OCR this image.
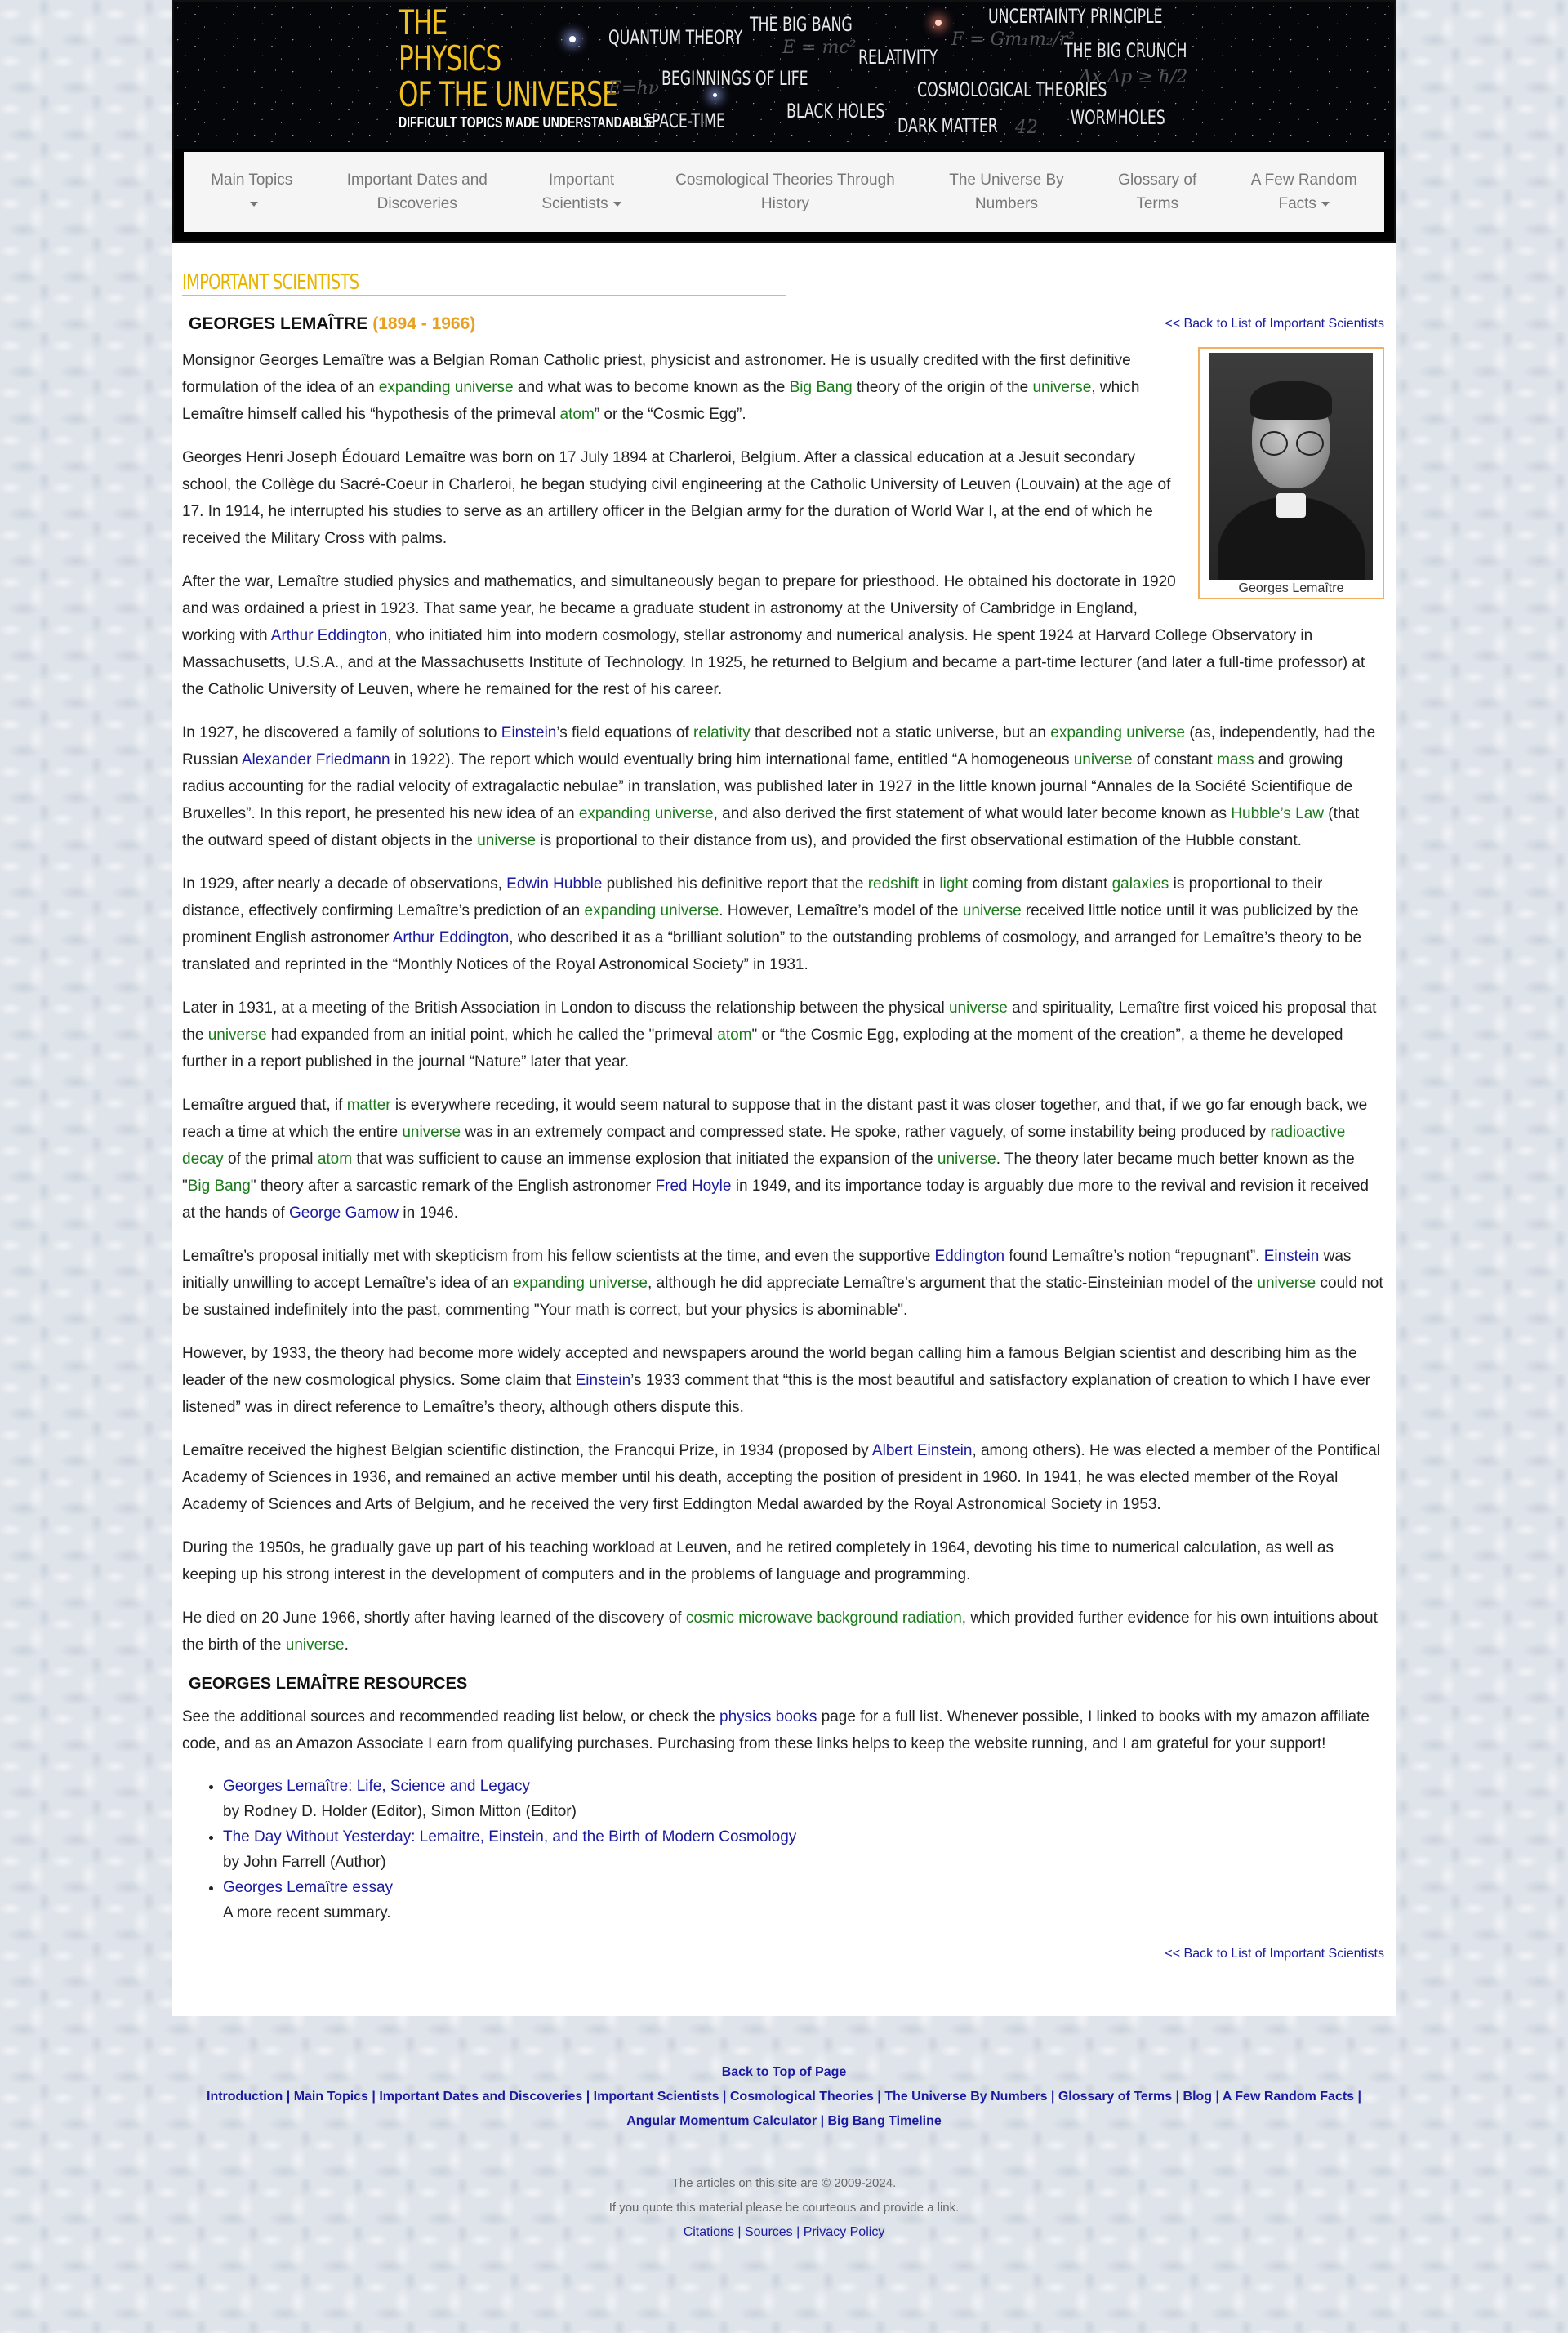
THE
PHYSICS
OF THE UNIVERSE
DIFFICULT TOPICS MADE UNDERSTANDABLE
QUANTUM THEORY
THE BIG BANG	UNCERTAINTY PRINCIPLE
RELATIVITY	THE BIG CRUNCH
BEGINNINGS OF LIFE	COSMOLOGICAL THEORIES
SPACE-TIME	BLACK HOLES
DARK MATTER	WORMHOLES
E = mc²
E=hν
F = Gm₁m₂/r²
Δx Δp ≥ ℏ/2
42
Main Topics	Important Dates and
Discoveries
Important
Scientists
Cosmological Theories Through
History
The Universe By
Numbers
Glossary of
Terms
A Few Random
Facts
IMPORTANT SCIENTISTS
GEORGES LEMAÎTRE (1894 - 1966)	<< Back to List of Important Scientists
Georges Lemaître

Monsignor Georges Lemaître was a Belgian Roman Catholic priest, physicist and astronomer. He is usually credited with the first definitive formulation of the idea of an expanding universe and what was to become known as the Big Bang theory of the origin of the universe, which Lemaître himself called his “hypothesis of the primeval atom” or the “Cosmic Egg”.

Georges Henri Joseph Édouard Lemaître was born on 17 July 1894 at Charleroi, Belgium. After a classical education at a Jesuit secondary school, the Collège du Sacré-Coeur in Charleroi, he began studying civil engineering at the Catholic University of Leuven (Louvain) at the age of 17. In 1914, he interrupted his studies to serve as an artillery officer in the Belgian army for the duration of World War I, at the end of which he received the Military Cross with palms.

After the war, Lemaître studied physics and mathematics, and simultaneously began to prepare for priesthood. He obtained his doctorate in 1920 and was ordained a priest in 1923. That same year, he became a graduate student in astronomy at the University of Cambridge in England, working with Arthur Eddington, who initiated him into modern cosmology, stellar astronomy and numerical analysis. He spent 1924 at Harvard College Observatory in Massachusetts, U.S.A., and at the Massachusetts Institute of Technology. In 1925, he returned to Belgium and became a part-time lecturer (and later a full-time professor) at the Catholic University of Leuven, where he remained for the rest of his career.

In 1927, he discovered a family of solutions to Einstein’s field equations of relativity that described not a static universe, but an expanding universe (as, independently, had the Russian Alexander Friedmann in 1922). The report which would eventually bring him international fame, entitled “A homogeneous universe of constant mass and growing radius accounting for the radial velocity of extragalactic nebulae” in translation, was published later in 1927 in the little known journal “Annales de la Société Scientifique de Bruxelles”. In this report, he presented his new idea of an expanding universe, and also derived the first statement of what would later become known as Hubble’s Law (that the outward speed of distant objects in the universe is proportional to their distance from us), and provided the first observational estimation of the Hubble constant.

In 1929, after nearly a decade of observations, Edwin Hubble published his definitive report that the redshift in light coming from distant galaxies is proportional to their distance, effectively confirming Lemaître’s prediction of an expanding universe. However, Lemaître’s model of the universe received little notice until it was publicized by the prominent English astronomer Arthur Eddington, who described it as a “brilliant solution” to the outstanding problems of cosmology, and arranged for Lemaître’s theory to be translated and reprinted in the “Monthly Notices of the Royal Astronomical Society” in 1931.

Later in 1931, at a meeting of the British Association in London to discuss the relationship between the physical universe and spirituality, Lemaître first voiced his proposal that the universe had expanded from an initial point, which he called the "primeval atom" or “the Cosmic Egg, exploding at the moment of the creation”, a theme he developed further in a report published in the journal “Nature” later that year.

Lemaître argued that, if matter is everywhere receding, it would seem natural to suppose that in the distant past it was closer together, and that, if we go far enough back, we reach a time at which the entire universe was in an extremely compact and compressed state. He spoke, rather vaguely, of some instability being produced by radioactive decay of the primal atom that was sufficient to cause an immense explosion that initiated the expansion of the universe. The theory later became much better known as the "Big Bang" theory after a sarcastic remark of the English astronomer Fred Hoyle in 1949, and its importance today is arguably due more to the revival and revision it received at the hands of George Gamow in 1946.

Lemaître’s proposal initially met with skepticism from his fellow scientists at the time, and even the supportive Eddington found Lemaître’s notion “repugnant”. Einstein was initially unwilling to accept Lemaître’s idea of an expanding universe, although he did appreciate Lemaître’s argument that the static-Einsteinian model of the universe could not be sustained indefinitely into the past, commenting "Your math is correct, but your physics is abominable".

However, by 1933, the theory had become more widely accepted and newspapers around the world began calling him a famous Belgian scientist and describing him as the leader of the new cosmological physics. Some claim that Einstein’s 1933 comment that “this is the most beautiful and satisfactory explanation of creation to which I have ever listened” was in direct reference to Lemaître’s theory, although others dispute this.

Lemaître received the highest Belgian scientific distinction, the Francqui Prize, in 1934 (proposed by Albert Einstein, among others). He was elected a member of the Pontifical Academy of Sciences in 1936, and remained an active member until his death, accepting the position of president in 1960. In 1941, he was elected member of the Royal Academy of Sciences and Arts of Belgium, and he received the very first Eddington Medal awarded by the Royal Astronomical Society in 1953.

During the 1950s, he gradually gave up part of his teaching workload at Leuven, and he retired completely in 1964, devoting his time to numerical calculation, as well as keeping up his strong interest in the development of computers and in the problems of language and programming.

He died on 20 June 1966, shortly after having learned of the discovery of cosmic microwave background radiation, which provided further evidence for his own intuitions about the birth of the universe.

GEORGES LEMAÎTRE RESOURCES

See the additional sources and recommended reading list below, or check the physics books page for a full list. Whenever possible, I linked to books with my amazon affiliate code, and as an Amazon Associate I earn from qualifying purchases. Purchasing from these links helps to keep the website running, and I am grateful for your support!

• Georges Lemaître: Life, Science and Legacy
by Rodney D. Holder (Editor), Simon Mitton (Editor)
• The Day Without Yesterday: Lemaitre, Einstein, and the Birth of Modern Cosmology
by John Farrell (Author)
• Georges Lemaître essay
A more recent summary.
<< Back to List of Important Scientists
Back to Top of Page
Introduction | Main Topics | Important Dates and Discoveries | Important Scientists | Cosmological Theories | The Universe By Numbers | Glossary of Terms | Blog | A Few Random Facts |
Angular Momentum Calculator | Big Bang Timeline
The articles on this site are © 2009-2024.
If you quote this material please be courteous and provide a link.
Citations | Sources | Privacy Policy
